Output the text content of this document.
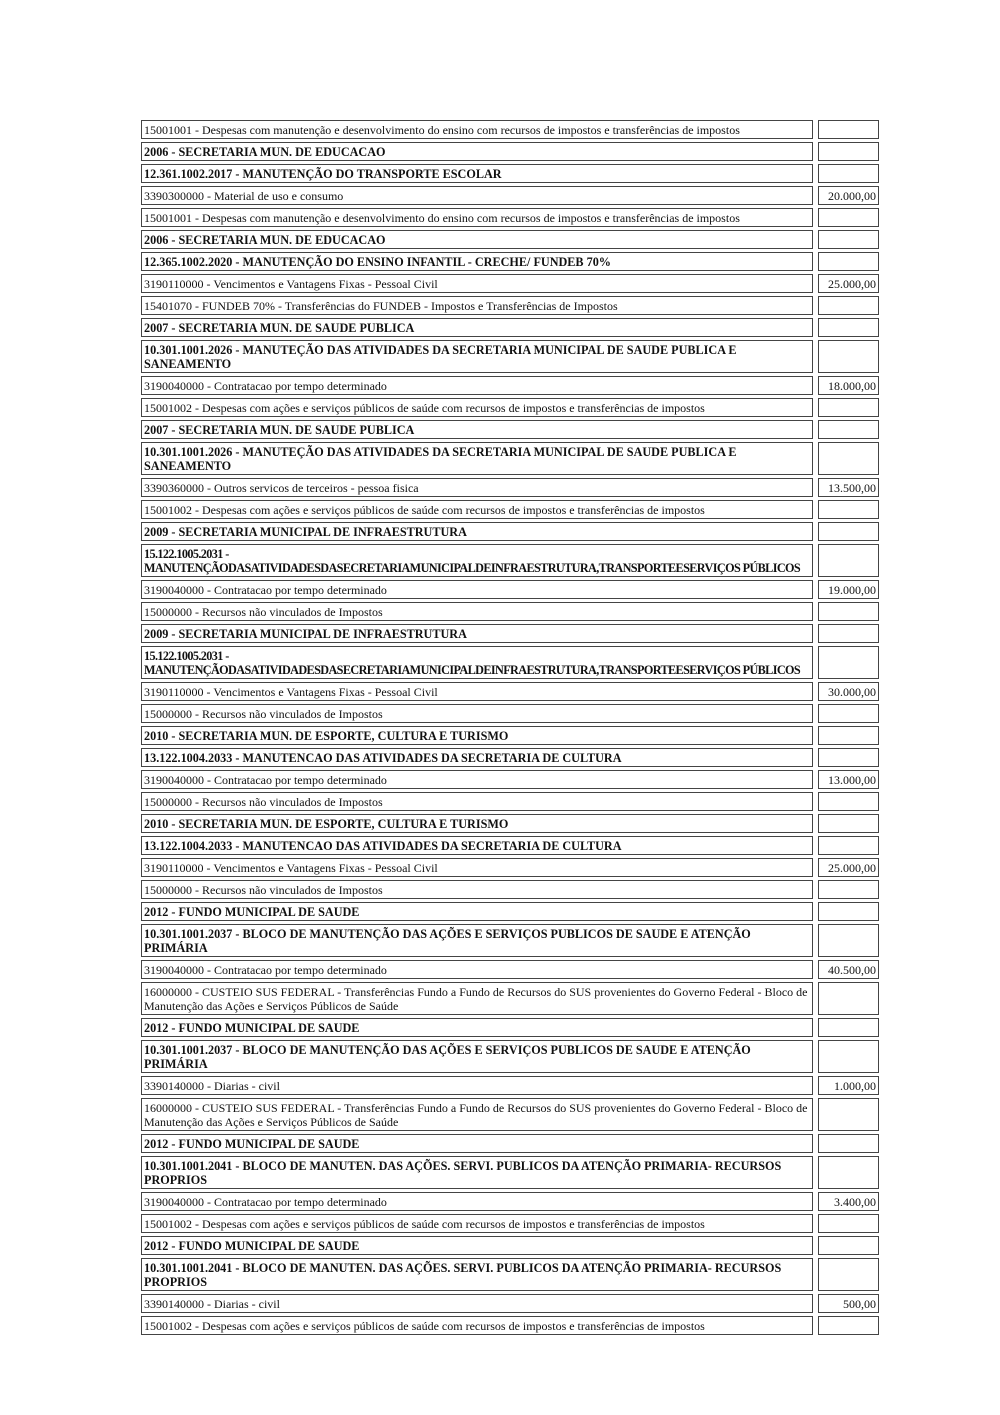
15001001 - Despesas com manutenção e desenvolvimento do ensino com recursos de impostos e transferências de impostos
2006 - SECRETARIA MUN. DE EDUCACAO
12.361.1002.2017 - MANUTENÇÃO DO TRANSPORTE ESCOLAR
3390300000 - Material de uso e consumo	20.000,00
15001001 - Despesas com manutenção e desenvolvimento do ensino com recursos de impostos e transferências de impostos
2006 - SECRETARIA MUN. DE EDUCACAO
12.365.1002.2020 - MANUTENÇÃO DO ENSINO INFANTIL - CRECHE/ FUNDEB 70%
3190110000 - Vencimentos e Vantagens Fixas - Pessoal Civil	25.000,00
15401070 - FUNDEB 70% - Transferências do FUNDEB - Impostos e Transferências de Impostos
2007 - SECRETARIA MUN. DE SAUDE PUBLICA
10.301.1001.2026 - MANUTEÇÃO DAS ATIVIDADES DA SECRETARIA MUNICIPAL DE SAUDE PUBLICA E SANEAMENTO
3190040000 - Contratacao por tempo determinado	18.000,00
15001002 - Despesas com ações e serviços públicos de saúde com recursos de impostos e transferências de impostos
2007 - SECRETARIA MUN. DE SAUDE PUBLICA
10.301.1001.2026 - MANUTEÇÃO DAS ATIVIDADES DA SECRETARIA MUNICIPAL DE SAUDE PUBLICA E SANEAMENTO
3390360000 - Outros servicos de terceiros - pessoa fisica	13.500,00
15001002 - Despesas com ações e serviços públicos de saúde com recursos de impostos e transferências de impostos
2009 - SECRETARIA MUNICIPAL DE INFRAESTRUTURA
15.122.1005.2031 - MANUTENÇÃODASATIVIDADESDASECRETARIAMUNICIPALDEINFRAESTRUTURA,TRANSPORTEESERVIÇOS PÚBLICOS
3190040000 - Contratacao por tempo determinado	19.000,00
15000000 - Recursos não vinculados de Impostos
2009 - SECRETARIA MUNICIPAL DE INFRAESTRUTURA
15.122.1005.2031 - MANUTENÇÃODASATIVIDADESDASECRETARIAMUNICIPALDEINFRAESTRUTURA,TRANSPORTEESERVIÇOS PÚBLICOS
3190110000 - Vencimentos e Vantagens Fixas - Pessoal Civil	30.000,00
15000000 - Recursos não vinculados de Impostos
2010 - SECRETARIA MUN. DE ESPORTE, CULTURA E TURISMO
13.122.1004.2033 - MANUTENCAO DAS ATIVIDADES DA SECRETARIA DE CULTURA
3190040000 - Contratacao por tempo determinado	13.000,00
15000000 - Recursos não vinculados de Impostos
2010 - SECRETARIA MUN. DE ESPORTE, CULTURA E TURISMO
13.122.1004.2033 - MANUTENCAO DAS ATIVIDADES DA SECRETARIA DE CULTURA
3190110000 - Vencimentos e Vantagens Fixas - Pessoal Civil	25.000,00
15000000 - Recursos não vinculados de Impostos
2012 - FUNDO MUNICIPAL DE SAUDE
10.301.1001.2037 - BLOCO DE MANUTENÇÃO DAS AÇÕES E SERVIÇOS PUBLICOS DE SAUDE E ATENÇÃO PRIMÁRIA
3190040000 - Contratacao por tempo determinado	40.500,00
16000000 - CUSTEIO SUS FEDERAL - Transferências Fundo a Fundo de Recursos do SUS provenientes do Governo Federal - Bloco de Manutenção das Ações e Serviços Públicos de Saúde
2012 - FUNDO MUNICIPAL DE SAUDE
10.301.1001.2037 - BLOCO DE MANUTENÇÃO DAS AÇÕES E SERVIÇOS PUBLICOS DE SAUDE E ATENÇÃO PRIMÁRIA
3390140000 - Diarias - civil	1.000,00
16000000 - CUSTEIO SUS FEDERAL - Transferências Fundo a Fundo de Recursos do SUS provenientes do Governo Federal - Bloco de Manutenção das Ações e Serviços Públicos de Saúde
2012 - FUNDO MUNICIPAL DE SAUDE
10.301.1001.2041 - BLOCO DE MANUTEN. DAS AÇÕES. SERVI. PUBLICOS DA ATENÇÃO PRIMARIA- RECURSOS PROPRIOS
3190040000 - Contratacao por tempo determinado	3.400,00
15001002 - Despesas com ações e serviços públicos de saúde com recursos de impostos e transferências de impostos
2012 - FUNDO MUNICIPAL DE SAUDE
10.301.1001.2041 - BLOCO DE MANUTEN. DAS AÇÕES. SERVI. PUBLICOS DA ATENÇÃO PRIMARIA- RECURSOS PROPRIOS
3390140000 - Diarias - civil	500,00
15001002 - Despesas com ações e serviços públicos de saúde com recursos de impostos e transferências de impostos
